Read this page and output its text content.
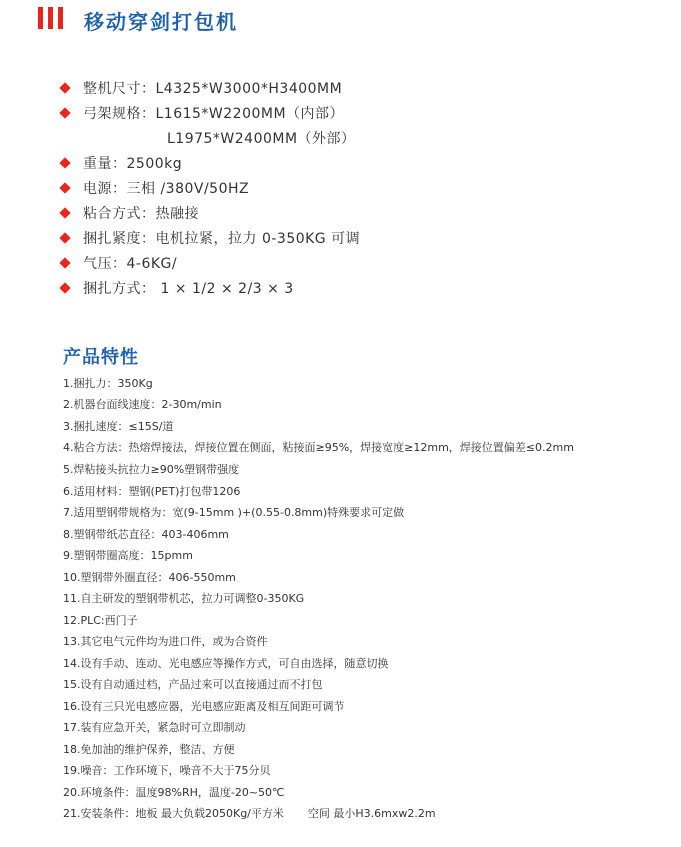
移动穿剑打包机
整机尺寸：L4325*W3000*H3400MM
弓架规格：L1615*W2200MM（内部）
L1975*W2400MM（外部）
重量：2500kg
电源：三相 /380V/50HZ
粘合方式：热融接
捆扎紧度：电机拉紧，拉力 0-350KG 可调
气压：4-6KG/
捆扎方式： 1 × 1/2 × 2/3 × 3
产品特性
1.捆扎力：350Kg
2.机器台面线速度：2-30m/min
3.捆扎速度：≤15S/道
4.粘合方法：热熔焊接法，焊接位置在侧面，粘接面≥95%，焊接宽度≥12mm，焊接位置偏差≤0.2mm
5.焊粘接头抗拉力≥90%塑钢带强度
6.适用材料：塑钢(PET)打包带1206
7.适用塑钢带规格为：宽(9-15mm )+(0.55-0.8mm)特殊要求可定做
8.塑钢带纸芯直径：403-406mm
9.塑钢带圈高度：15pmm
10.塑钢带外圈直径：406-550mm
11.自主研发的塑钢带机芯，拉力可调整0-350KG
12.PLC:西门子
13.其它电气元件均为进口件，或为合资件
14.设有手动、连动、光电感应等操作方式，可自由选择，随意切换
15.设有自动通过档，产品过来可以直接通过而不打包
16.设有三只光电感应器，光电感应距离及相互间距可调节
17.装有应急开关，紧急时可立即制动
18.免加油的维护保养，整洁、方便
19.噪音：工作环境下，噪音不大于75分贝
20.环境条件：温度98%RH，温度-20~50℃
21.安装条件：地板 最大负载2050Kg/平方米 空间 最小H3.6mxw2.2m
